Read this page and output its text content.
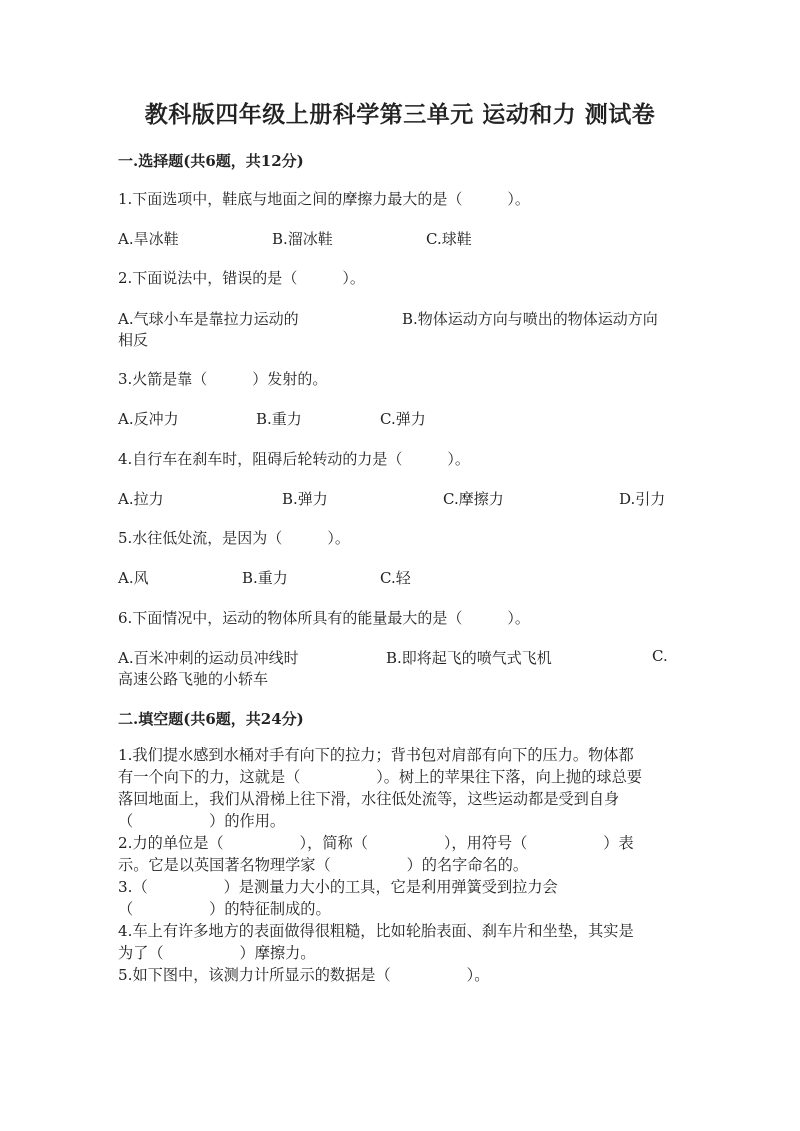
教科版四年级上册科学第三单元 运动和力 测试卷
一.选择题(共6题，共12分)
1.下面选项中，鞋底与地面之间的摩擦力最大的是（　　　）。
A.旱冰鞋	B.溜冰鞋	C.球鞋
2.下面说法中，错误的是（　　　）。
A.气球小车是靠拉力运动的	B.物体运动方向与喷出的物体运动方向
相反
3.火箭是靠（　　　）发射的。
A.反冲力	B.重力	C.弹力
4.自行车在刹车时，阻碍后轮转动的力是（　　　）。
A.拉力	B.弹力	C.摩擦力	D.引力
5.水往低处流，是因为（　　　）。
A.风	B.重力	C.轻
6.下面情况中，运动的物体所具有的能量最大的是（　　　）。
A.百米冲刺的运动员冲线时	B.即将起飞的喷气式飞机	C.
高速公路飞驰的小轿车
二.填空题(共6题，共24分)
1.我们提水感到水桶对手有向下的拉力；背书包对肩部有向下的压力。物体都
有一个向下的力，这就是（　　　　　）。树上的苹果往下落，向上抛的球总要
落回地面上，我们从滑梯上往下滑，水往低处流等，这些运动都是受到自身
（　　　　　）的作用。
2.力的单位是（　　　　　），简称（　　　　　），用符号（　　　　　）表
示。它是以英国著名物理学家（　　　　　）的名字命名的。
3.（　　　　　）是测量力大小的工具，它是利用弹簧受到拉力会
（　　　　　）的特征制成的。
4.车上有许多地方的表面做得很粗糙，比如轮胎表面、刹车片和坐垫，其实是
为了（　　　　　）摩擦力。
5.如下图中，该测力计所显示的数据是（　　　　　）。
